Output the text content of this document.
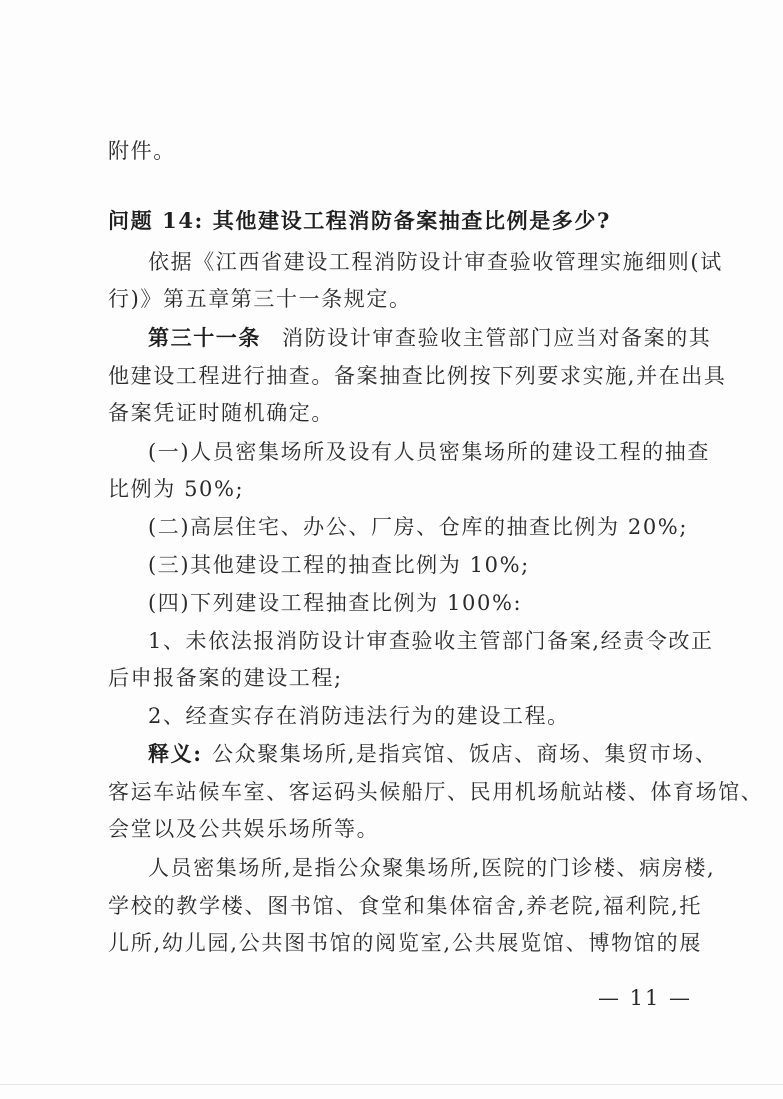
附件。
问题 14: 其他建设工程消防备案抽查比例是多少?
依据《江西省建设工程消防设计审查验收管理实施细则(试
行)》第五章第三十一条规定。
第三十一条 消防设计审查验收主管部门应当对备案的其
他建设工程进行抽查。备案抽查比例按下列要求实施,并在出具
备案凭证时随机确定。
(一)人员密集场所及设有人员密集场所的建设工程的抽查
比例为 50%;
(二)高层住宅、办公、厂房、仓库的抽查比例为 20%;
(三)其他建设工程的抽查比例为 10%;
(四)下列建设工程抽查比例为 100%:
1、未依法报消防设计审查验收主管部门备案,经责令改正
后申报备案的建设工程;
2、经查实存在消防违法行为的建设工程。
释义: 公众聚集场所,是指宾馆、饭店、商场、集贸市场、
客运车站候车室、客运码头候船厅、民用机场航站楼、体育场馆、
会堂以及公共娱乐场所等。
人员密集场所,是指公众聚集场所,医院的门诊楼、病房楼,
学校的教学楼、图书馆、食堂和集体宿舍,养老院,福利院,托
儿所,幼儿园,公共图书馆的阅览室,公共展览馆、博物馆的展
— 11 —
